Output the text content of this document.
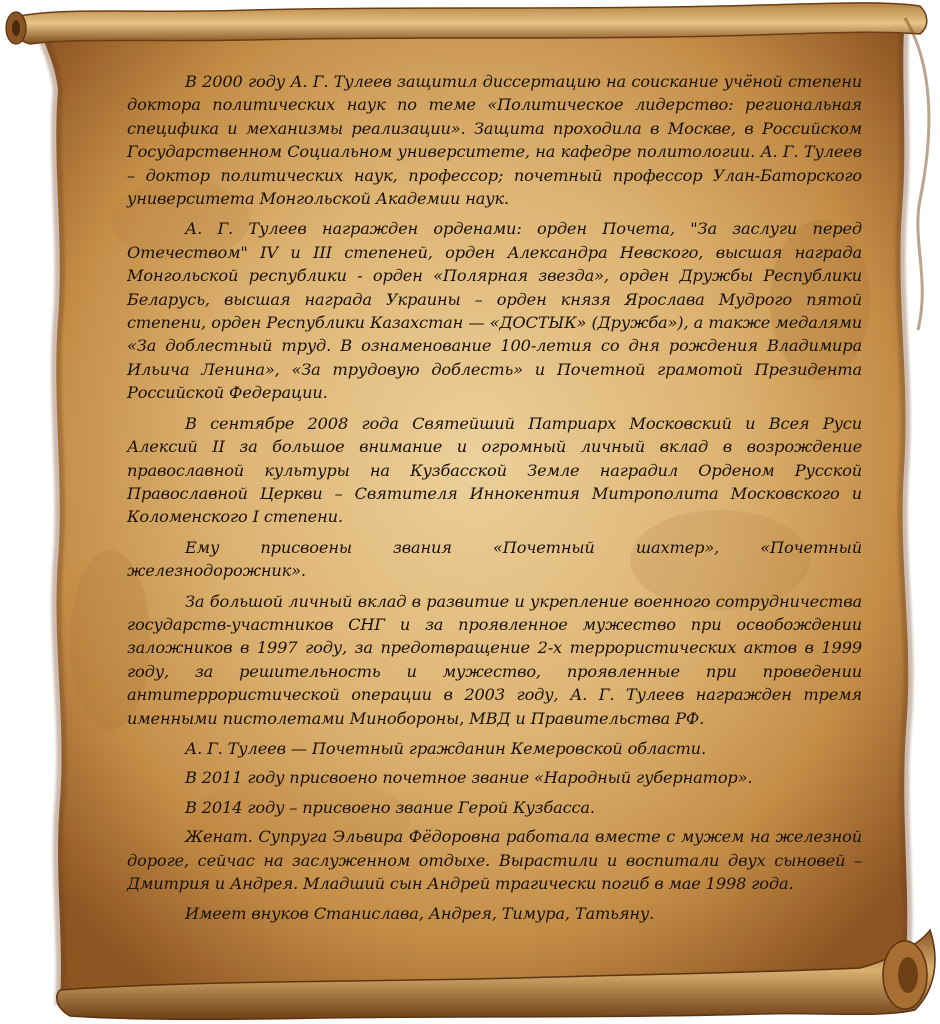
В 2000 году А. Г. Тулеев защитил диссертацию на соискание учёной степени доктора политических наук по теме «Политическое лидерство: региональная специфика и механизмы реализации». Защита проходила в Москве, в Российском Государственном Социальном университете, на кафедре политологии. А. Г. Тулеев – доктор политических наук, профессор; почетный профессор Улан-Баторского университета Монгольской Академии наук.

А. Г. Тулеев награжден орденами: орден Почета, "За заслуги перед Отечеством" IV и III степеней, орден Александра Невского, высшая награда Монгольской республики - орден «Полярная звезда», орден Дружбы Республики Беларусь, высшая награда Украины – орден князя Ярослава Мудрого пятой степени, орден Республики Казахстан — «ДОСТЫК» (Дружба»), а также медалями «За доблестный труд. В ознаменование 100-летия со дня рождения Владимира Ильича Ленина», «За трудовую доблесть» и Почетной грамотой Президента Российской Федерации.

В сентябре 2008 года Святейший Патриарх Московский и Всея Руси Алексий II за большое внимание и огромный личный вклад в возрождение православной культуры на Кузбасской Земле наградил Орденом Русской Православной Церкви – Святителя Иннокентия Митрополита Московского и Коломенского I степени.

Ему присвоены звания «Почетный шахтер», «Почетный железнодорожник».

За большой личный вклад в развитие и укрепление военного сотрудничества государств-участников СНГ и за проявленное мужество при освобождении заложников в 1997 году, за предотвращение 2-х террористических актов в 1999 году, за решительность и мужество, проявленные при проведении антитеррористической операции в 2003 году, А. Г. Тулеев награжден тремя именными пистолетами Минобороны, МВД и Правительства РФ.

А. Г. Тулеев — Почетный гражданин Кемеровской области.

В 2011 году присвоено почетное звание «Народный губернатор».

В 2014 году – присвоено звание Герой Кузбасса.

Женат. Супруга Эльвира Фёдоровна работала вместе с мужем на железной дороге, сейчас на заслуженном отдыхе. Вырастили и воспитали двух сыновей – Дмитрия и Андрея. Младший сын Андрей трагически погиб в мае 1998 года.

Имеет внуков Станислава, Андрея, Тимура, Татьяну.
